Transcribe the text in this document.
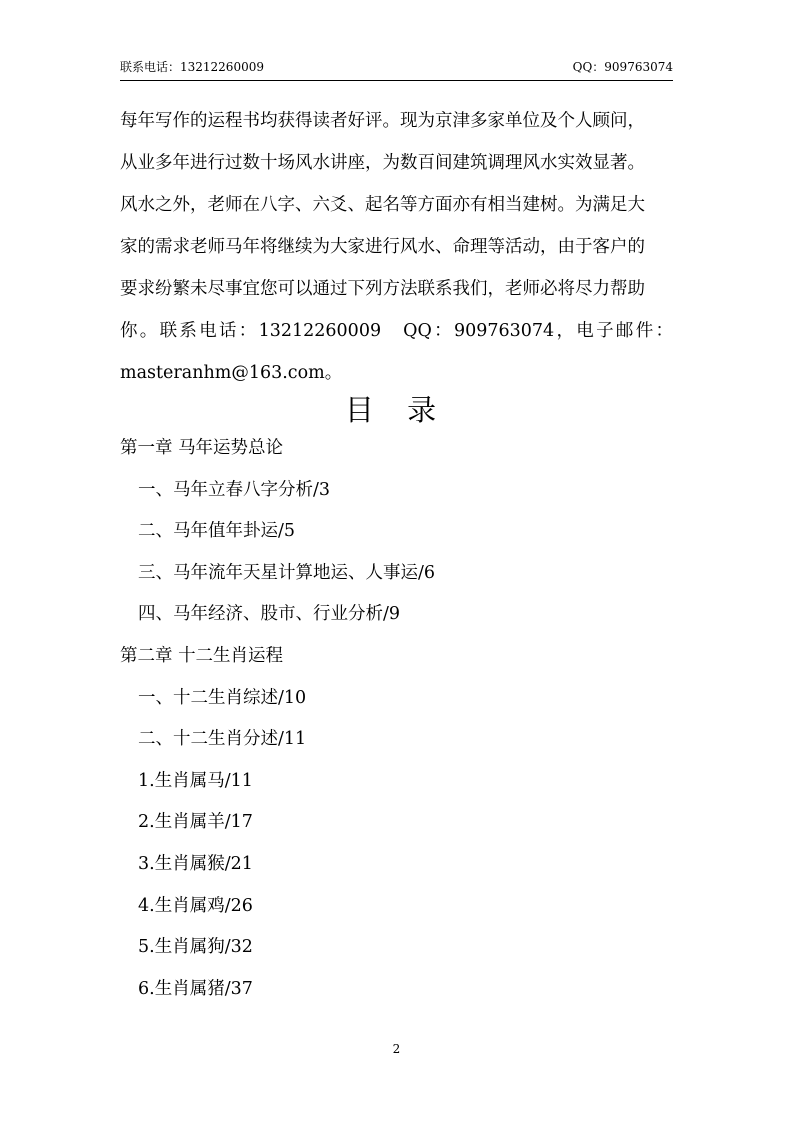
联系电话：13212260009	QQ：909763074
每年写作的运程书均获得读者好评。现为京津多家单位及个人顾问，
从业多年进行过数十场风水讲座，为数百间建筑调理风水实效显著。
风水之外，老师在八字、六爻、起名等方面亦有相当建树。为满足大
家的需求老师马年将继续为大家进行风水、命理等活动，由于客户的
要求纷繁未尽事宜您可以通过下列方法联系我们，老师必将尽力帮助
你。联系电话：13212260009　QQ：909763074，电子邮件：
masteranhm@163.com。
目 录
第一章 马年运势总论
一、马年立春八字分析/3
二、马年值年卦运/5
三、马年流年天星计算地运、人事运/6
四、马年经济、股市、行业分析/9
第二章 十二生肖运程
一、十二生肖综述/10
二、十二生肖分述/11
1.生肖属马/11
2.生肖属羊/17
3.生肖属猴/21
4.生肖属鸡/26
5.生肖属狗/32
6.生肖属猪/37
2
